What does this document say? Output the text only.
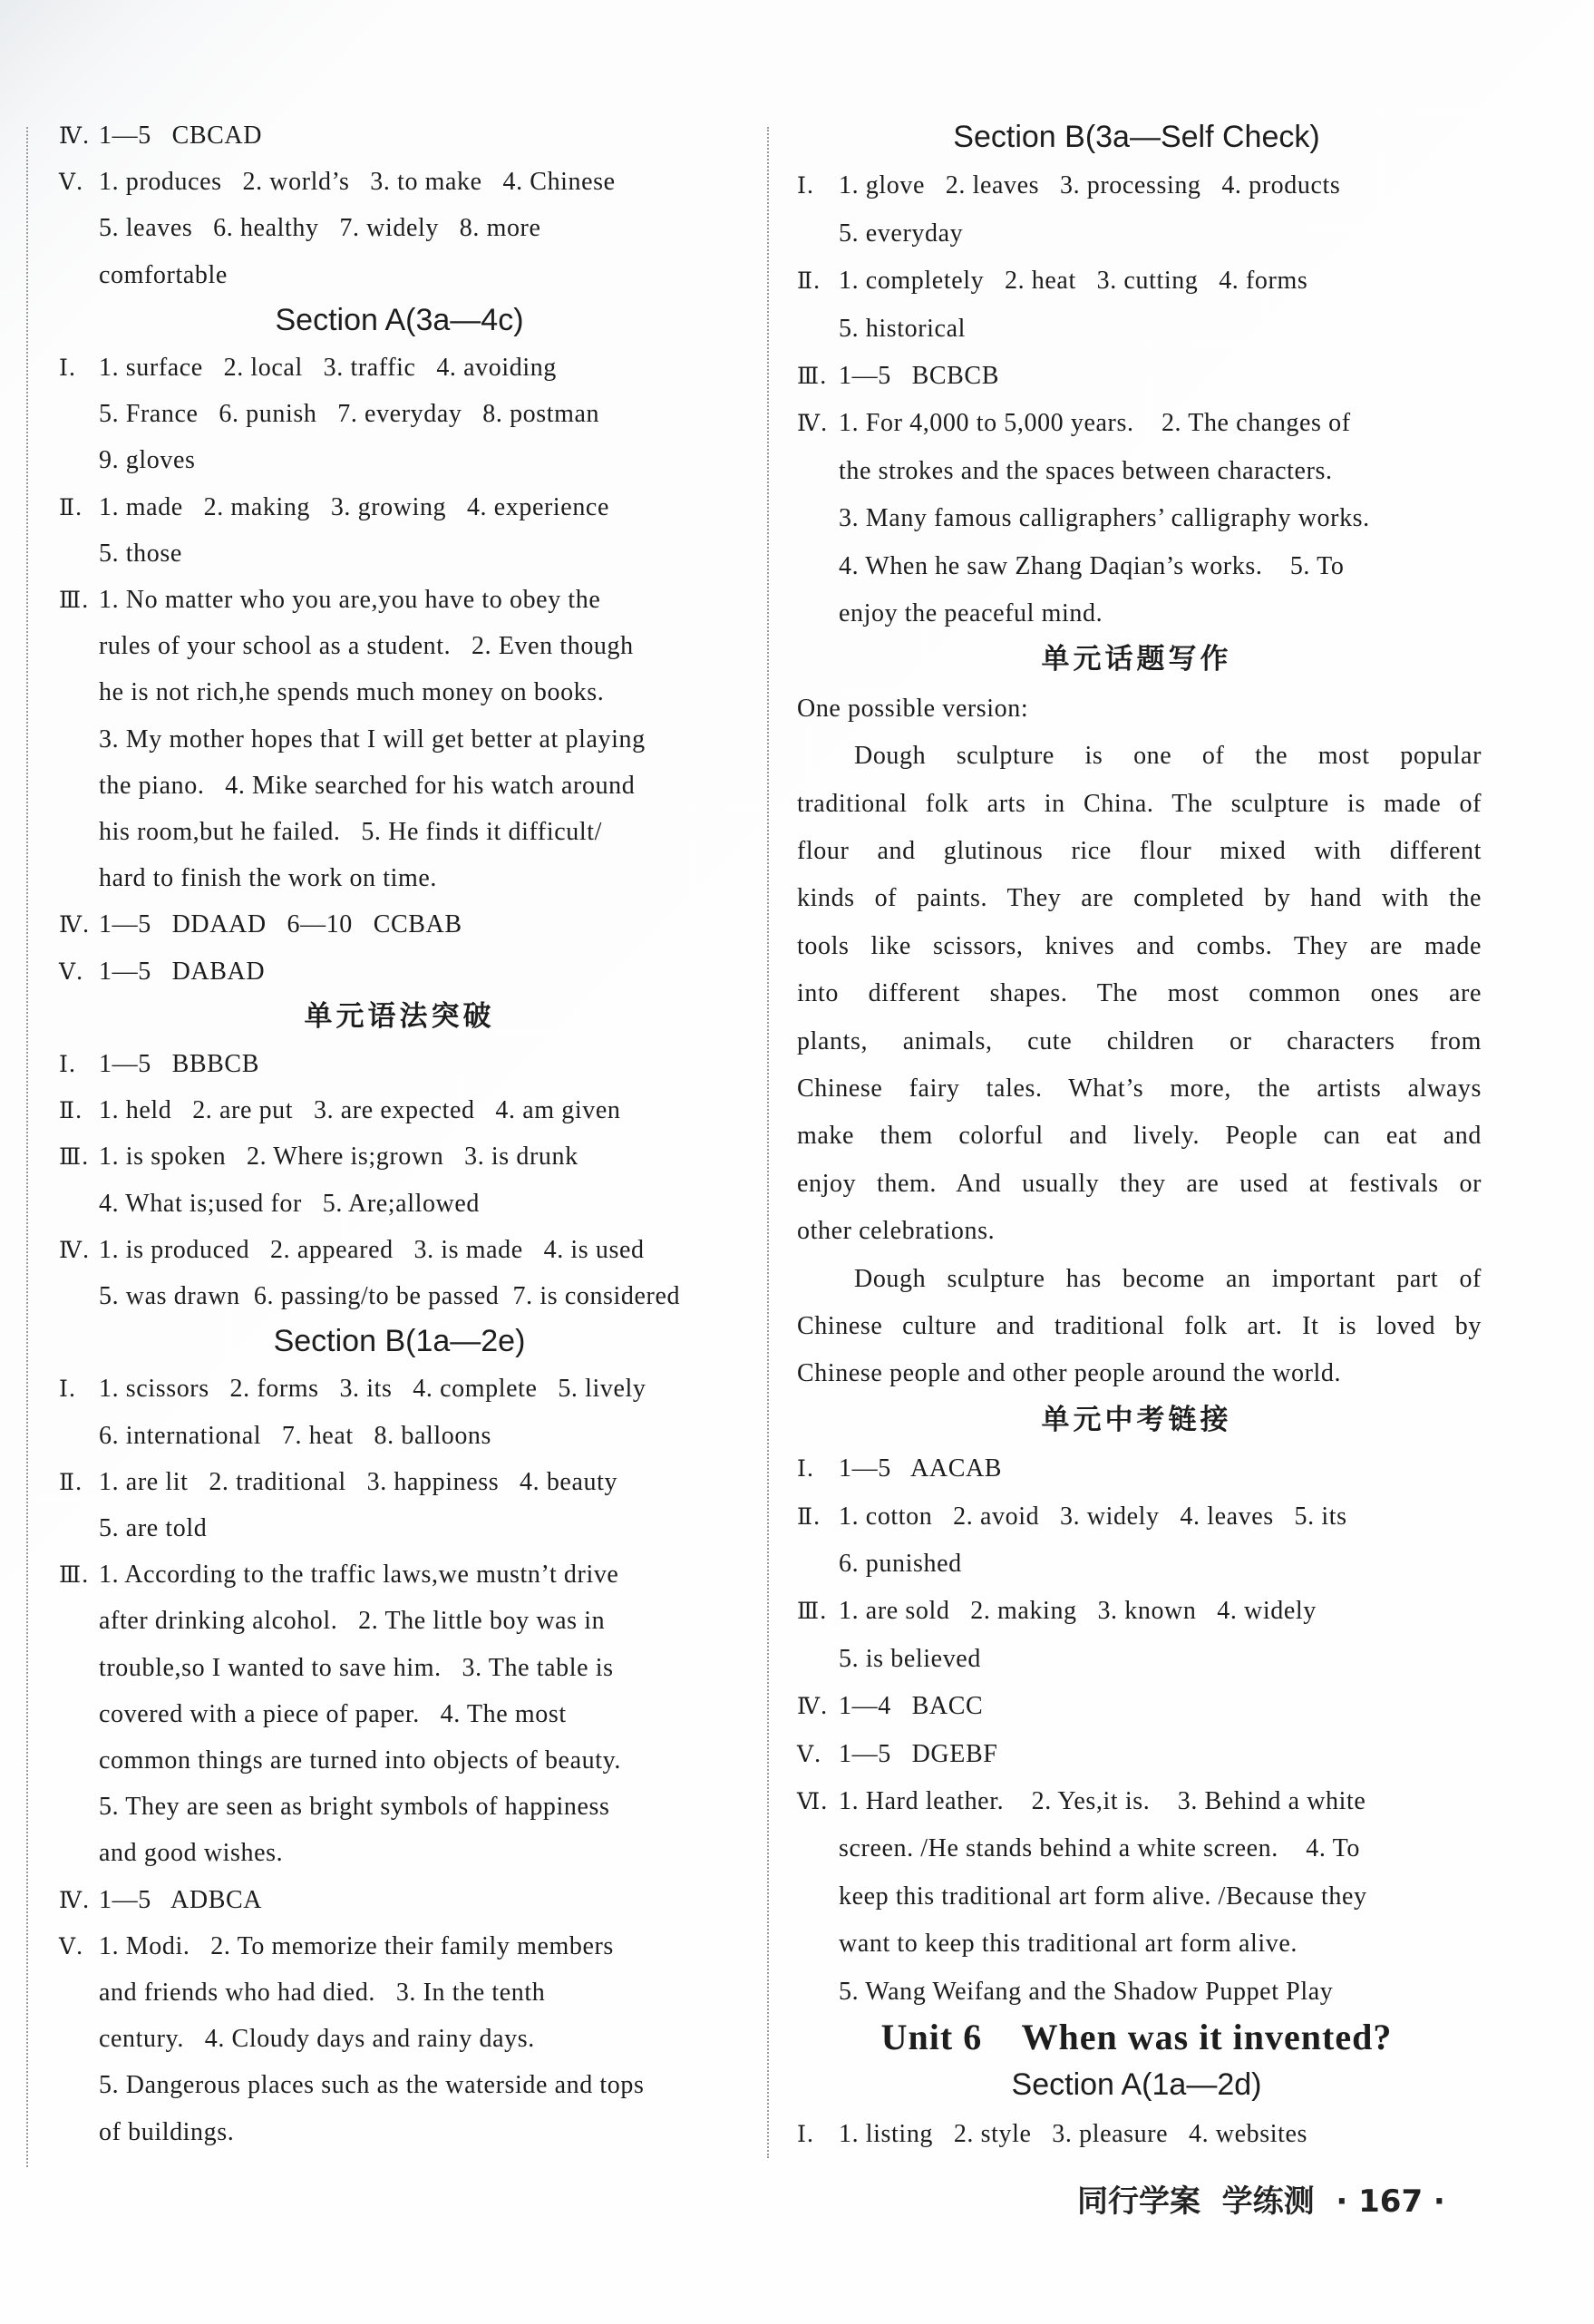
Ⅳ. 1—5   CBCAD
Ⅴ. 1. produces   2. world’s   3. to make   4. Chinese
5. leaves   6. healthy   7. widely   8. more
comfortable
Section A(3a—4c)
Ⅰ. 1. surface   2. local   3. traffic   4. avoiding
5. France   6. punish   7. everyday   8. postman
9. gloves
Ⅱ. 1. made   2. making   3. growing   4. experience
5. those
Ⅲ. 1. No matter who you are,you have to obey the
rules of your school as a student.   2. Even though
he is not rich,he spends much money on books.
3. My mother hopes that I will get better at playing
the piano.   4. Mike searched for his watch around
his room,but he failed.   5. He finds it difficult/
hard to finish the work on time.
Ⅳ. 1—5   DDAAD   6—10   CCBAB
Ⅴ. 1—5   DABAD
单元语法突破
Ⅰ. 1—5   BBBCB
Ⅱ. 1. held   2. are put   3. are expected   4. am given
Ⅲ. 1. is spoken   2. Where is;grown   3. is drunk
4. What is;used for   5. Are;allowed
Ⅳ. 1. is produced   2. appeared   3. is made   4. is used
5. was drawn  6. passing/to be passed  7. is considered
Section B(1a—2e)
Ⅰ. 1. scissors   2. forms   3. its   4. complete   5. lively
6. international   7. heat   8. balloons
Ⅱ. 1. are lit   2. traditional   3. happiness   4. beauty
5. are told
Ⅲ. 1. According to the traffic laws,we mustn’t drive
after drinking alcohol.   2. The little boy was in
trouble,so I wanted to save him.   3. The table is
covered with a piece of paper.   4. The most
common things are turned into objects of beauty.
5. They are seen as bright symbols of happiness
and good wishes.
Ⅳ. 1—5   ADBCA
Ⅴ. 1. Modi.   2. To memorize their family members
and friends who had died.   3. In the tenth
century.   4. Cloudy days and rainy days.
5. Dangerous places such as the waterside and tops
of buildings.
Section B(3a—Self Check)
Ⅰ. 1. glove   2. leaves   3. processing   4. products
5. everyday
Ⅱ. 1. completely   2. heat   3. cutting   4. forms
5. historical
Ⅲ. 1—5   BCBCB
Ⅳ. 1. For 4,000 to 5,000 years.    2. The changes of
the strokes and the spaces between characters.
3. Many famous calligraphers’ calligraphy works.
4. When he saw Zhang Daqian’s works.    5. To
enjoy the peaceful mind.
单元话题写作
One possible version:
Dough sculpture is one of the most popular
traditional folk arts in China. The sculpture is made of
flour and glutinous rice flour mixed with different
kinds of paints. They are completed by hand with the
tools like scissors, knives and combs. They are made
into different shapes. The most common ones are
plants, animals, cute children or characters from
Chinese fairy tales. What’s more, the artists always
make them colorful and lively. People can eat and
enjoy them. And usually they are used at festivals or
other celebrations.
Dough sculpture has become an important part of
Chinese culture and traditional folk art. It is loved by
Chinese people and other people around the world.
单元中考链接
Ⅰ. 1—5   AACAB
Ⅱ. 1. cotton   2. avoid   3. widely   4. leaves   5. its
6. punished
Ⅲ. 1. are sold   2. making   3. known   4. widely
5. is believed
Ⅳ. 1—4   BACC
Ⅴ. 1—5   DGEBF
Ⅵ. 1. Hard leather.    2. Yes,it is.    3. Behind a white
screen. /He stands behind a white screen.    4. To
keep this traditional art form alive. /Because they
want to keep this traditional art form alive.
5. Wang Weifang and the Shadow Puppet Play
Unit 6    When was it invented?
Section A(1a—2d)
Ⅰ. 1. listing   2. style   3. pleasure   4. websites
同行学案  学练测 · 167 ·
